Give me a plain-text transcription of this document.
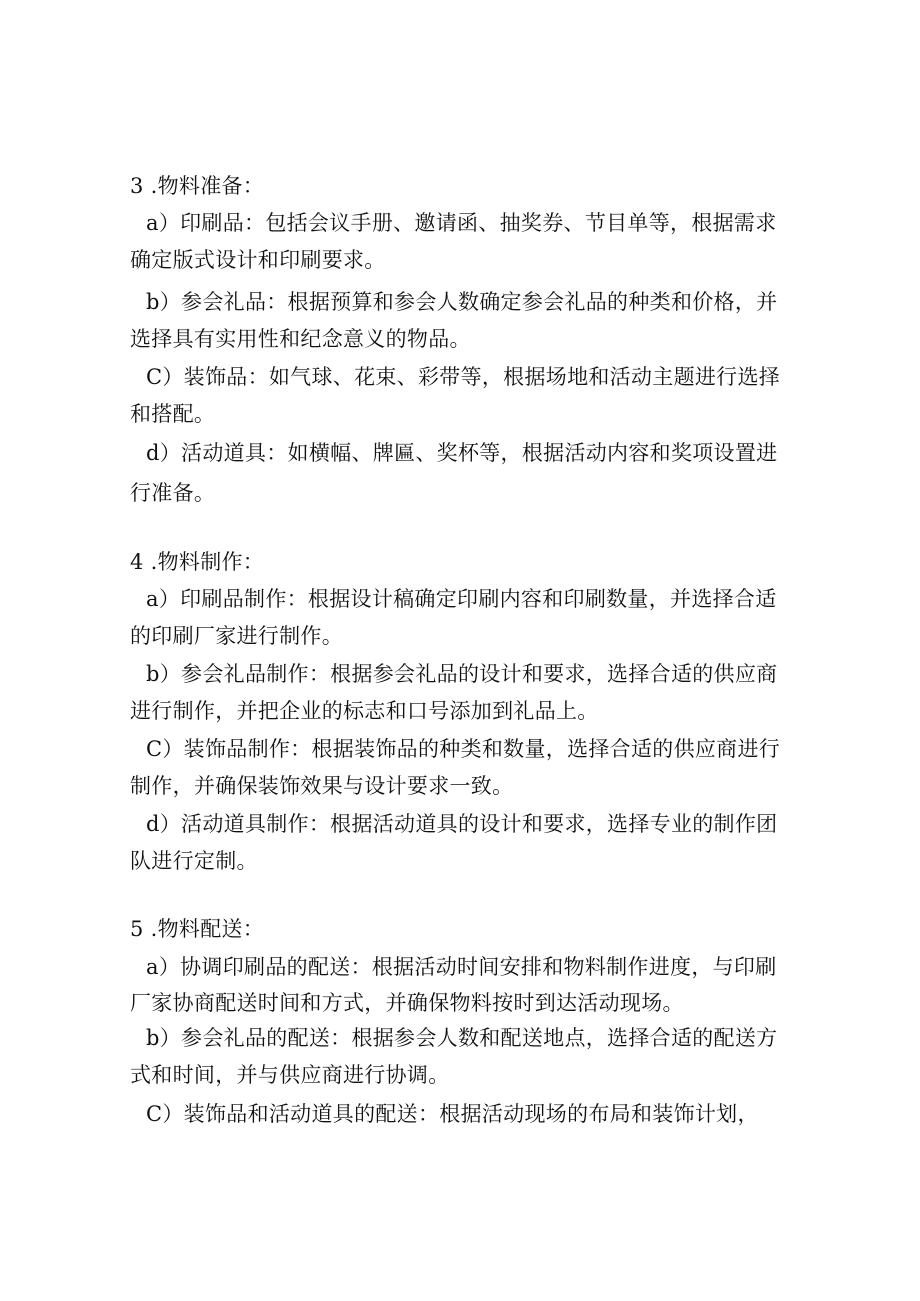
3 .物料准备：
a）印刷品：包括会议手册、邀请函、抽奖券、节目单等，根据需求
确定版式设计和印刷要求。
b）参会礼品：根据预算和参会人数确定参会礼品的种类和价格，并
选择具有实用性和纪念意义的物品。
C）装饰品：如气球、花束、彩带等，根据场地和活动主题进行选择
和搭配。
d）活动道具：如横幅、牌匾、奖杯等，根据活动内容和奖项设置进
行准备。
4 .物料制作：
a）印刷品制作：根据设计稿确定印刷内容和印刷数量，并选择合适
的印刷厂家进行制作。
b）参会礼品制作：根据参会礼品的设计和要求，选择合适的供应商
进行制作，并把企业的标志和口号添加到礼品上。
C）装饰品制作：根据装饰品的种类和数量，选择合适的供应商进行
制作，并确保装饰效果与设计要求一致。
d）活动道具制作：根据活动道具的设计和要求，选择专业的制作团
队进行定制。
5 .物料配送：
a）协调印刷品的配送：根据活动时间安排和物料制作进度，与印刷
厂家协商配送时间和方式，并确保物料按时到达活动现场。
b）参会礼品的配送：根据参会人数和配送地点，选择合适的配送方
式和时间，并与供应商进行协调。
C）装饰品和活动道具的配送：根据活动现场的布局和装饰计划，
